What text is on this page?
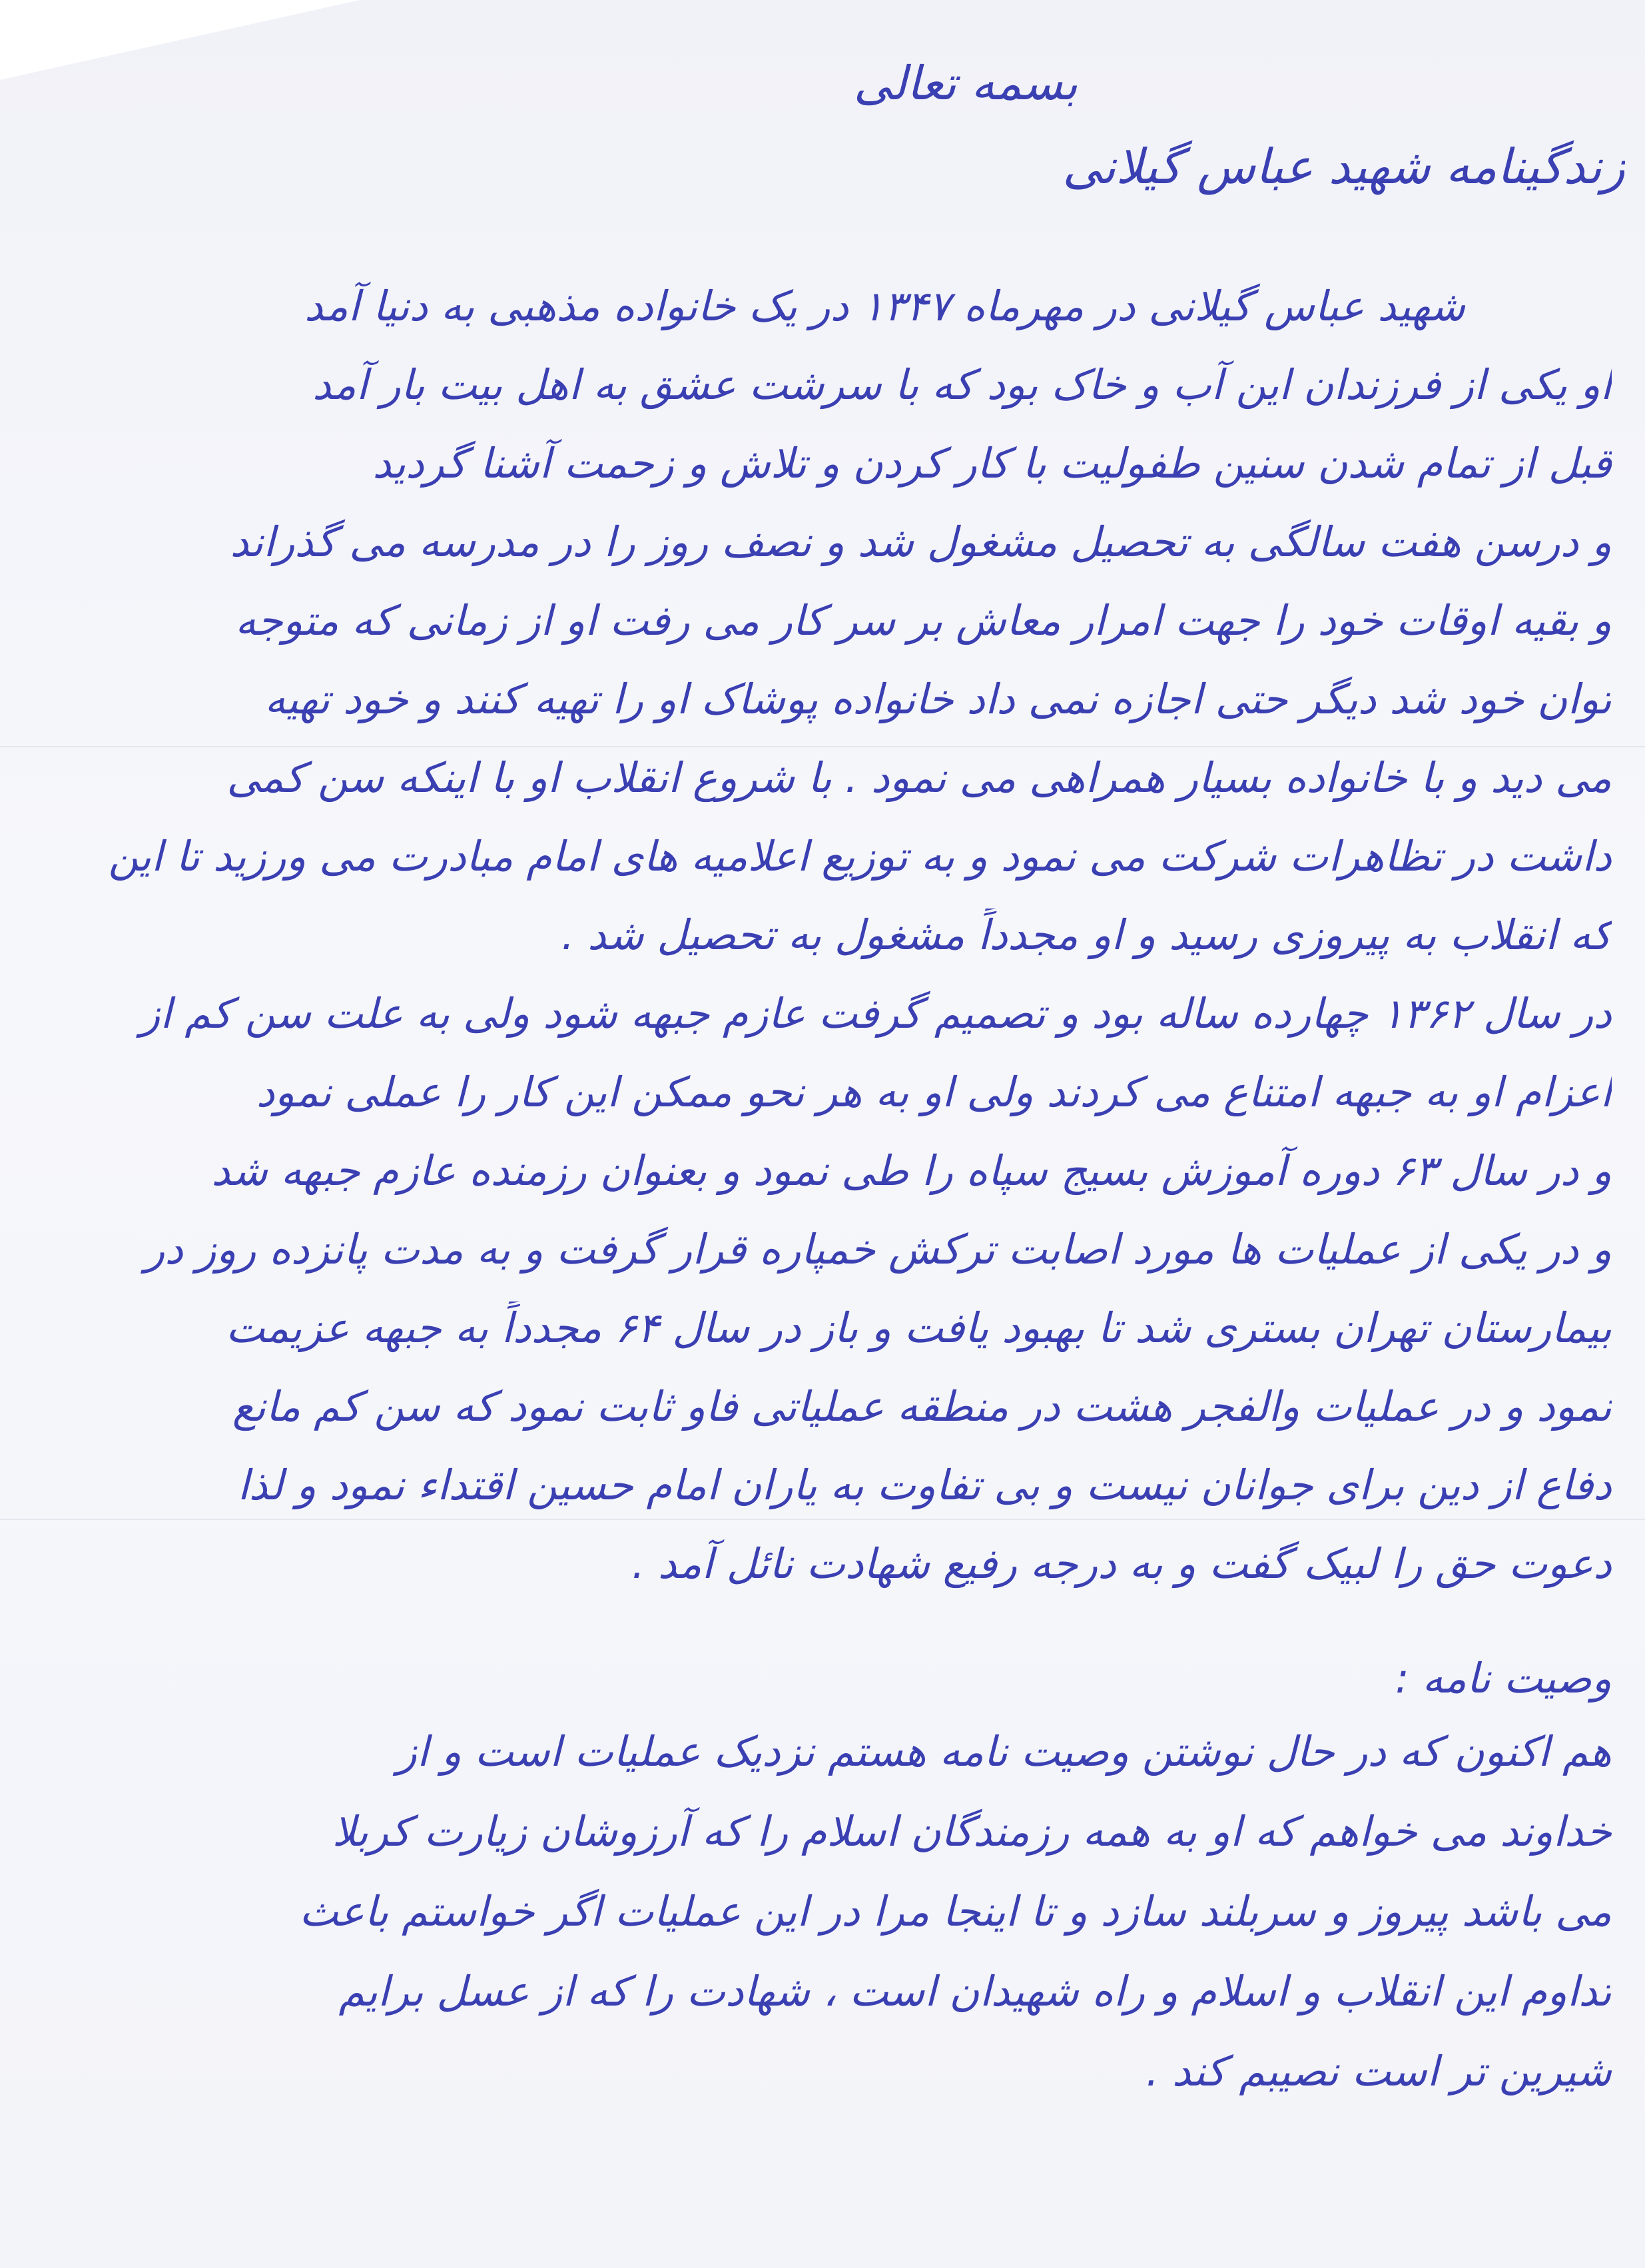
بسمه تعالی
زندگینامه شهید عباس گیلانی
شهید عباس گیلانی در مهرماه ۱۳۴۷ در یک خانواده مذهبی به دنیا آمد
او یکی از فرزندان این آب و خاک بود که با سرشت عشق به اهل بیت بار آمد
قبل از تمام شدن سنین طفولیت با کار کردن و تلاش و زحمت آشنا گردید
و درسن هفت سالگی به تحصیل مشغول شد و نصف روز را در مدرسه می گذراند
و بقیه اوقات خود را جهت امرار معاش بر سر کار می رفت او از زمانی که متوجه
توان خود شد دیگر حتی اجازه نمی داد خانواده پوشاک او را تهیه کنند و خود تهیه
می دید و با خانواده بسیار همراهی می نمود . با شروع انقلاب او با اینکه سن کمی
داشت در تظاهرات شرکت می نمود و به توزیع اعلامیه های امام مبادرت می ورزید تا این
که انقلاب به پیروزی رسید و او مجدداً مشغول به تحصیل شد .
در سال ۱۳۶۲ چهارده ساله بود و تصمیم گرفت عازم جبهه شود ولی به علت سن کم از
اعزام او به جبهه امتناع می کردند ولی او به هر نحو ممکن این کار را عملی نمود
و در سال ۶۳ دوره آموزش بسیج سپاه را طی نمود و بعنوان رزمنده عازم جبهه شد
و در یکی از عملیات ها مورد اصابت ترکش خمپاره قرار گرفت و به مدت پانزده روز در
بیمارستان تهران بستری شد تا بهبود یافت و باز در سال ۶۴ مجدداً به جبهه عزیمت
نمود و در عملیات والفجر هشت در منطقه عملیاتی فاو ثابت نمود که سن کم مانع
دفاع از دین برای جوانان نیست و بی تفاوت به یاران امام حسین اقتداء نمود و لذا
دعوت حق را لبیک گفت و به درجه رفیع شهادت نائل آمد .
وصیت نامه :
هم اکنون که در حال نوشتن وصیت نامه هستم نزدیک عملیات است و از
خداوند می خواهم که او به همه رزمندگان اسلام را که آرزوشان زیارت کربلا
می باشد پیروز و سربلند سازد و تا اینجا مرا در این عملیات اگر خواستم باعث
تداوم این انقلاب و اسلام و راه شهیدان است ، شهادت را که از عسل برایم
شیرین تر است نصیبم کند .
